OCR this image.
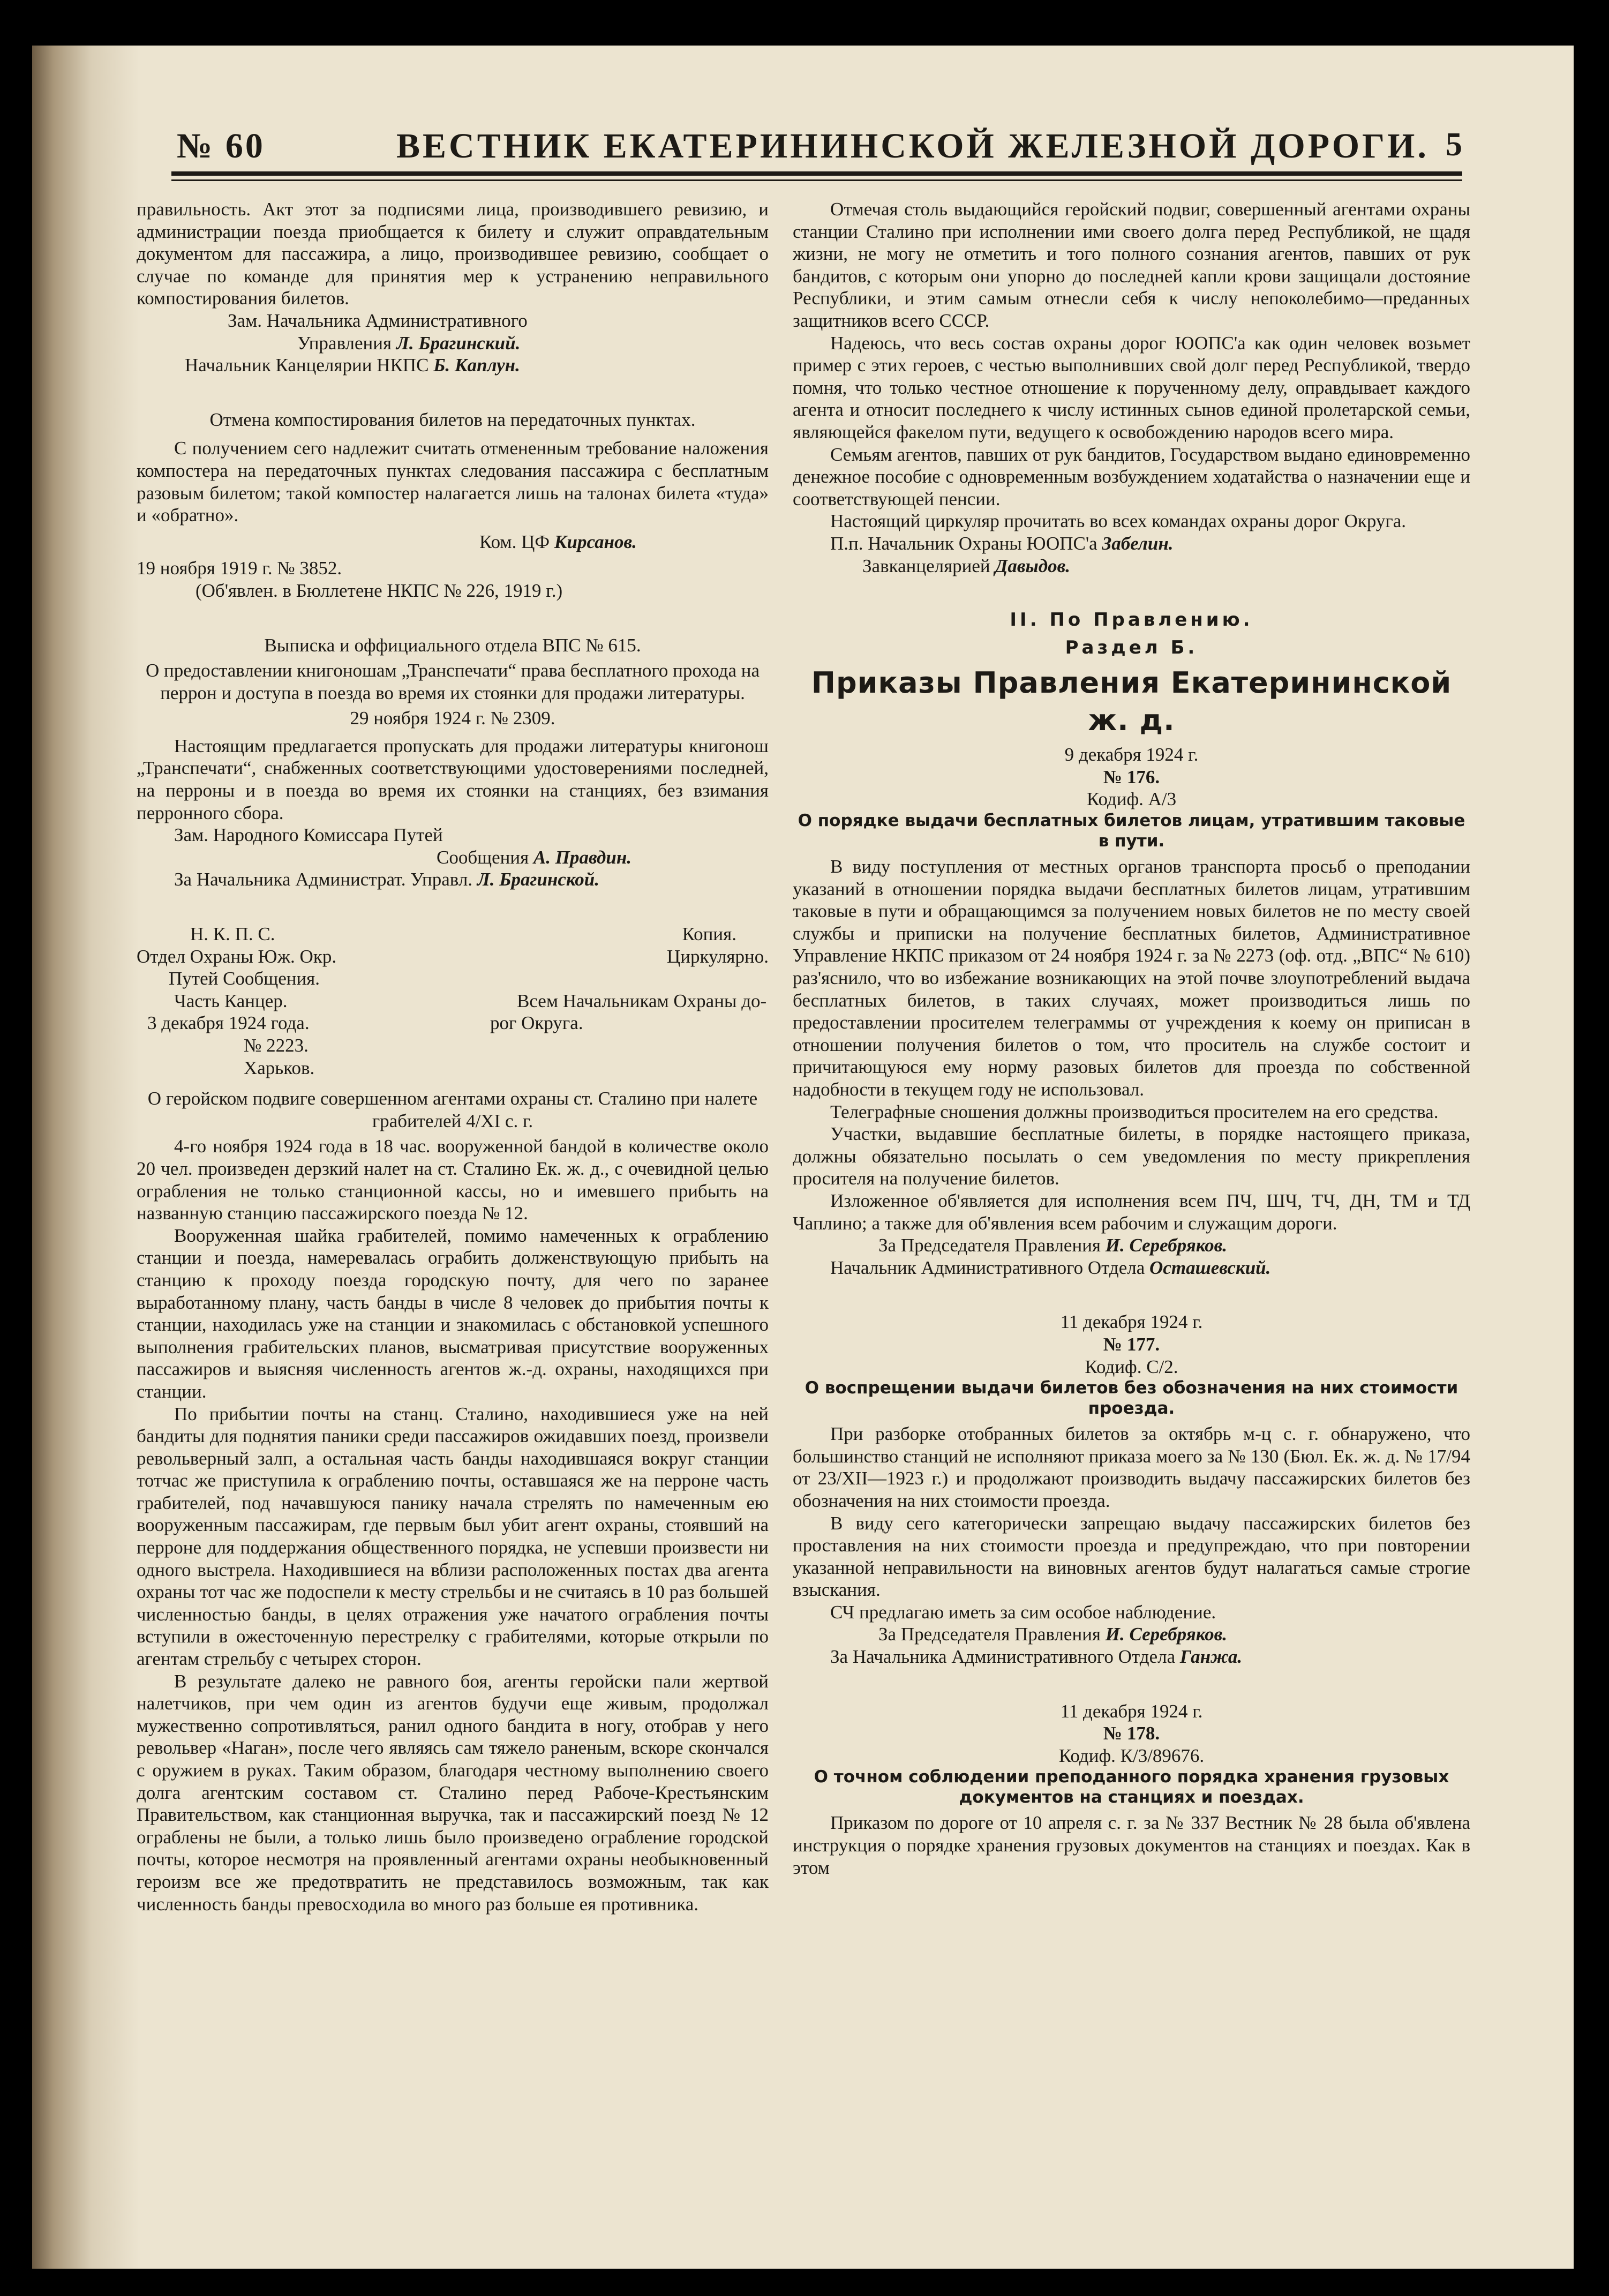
№ 60	ВЕСТНИК ЕКАТЕРИНИНСКОЙ ЖЕЛЕЗНОЙ ДОРОГИ. 5

правильность. Акт этот за подписями лица, производившего ревизию, и администрации поезда приобщается к билету и служит оправдательным документом для пассажира, а лицо, производившее ревизию, сообщает о случае по команде для принятия мер к устранению неправильного компостирования билетов.

Зам. Начальника Административного

Управления Л. Брагинский.

Начальник Канцелярии НКПС Б. Каплун.

Отмена компостирования билетов на передаточных пунктах.

С получением сего надлежит считать отмененным требование наложения компостера на передаточных пунктах следования пассажира с бесплатным разовым билетом; такой компостер налагается лишь на талонах билета «туда» и «обратно».

Ком. ЦФ Кирсанов.

19 ноября 1919 г. № 3852.

(Об'явлен. в Бюллетене НКПС № 226, 1919 г.)

Выписка и оффициального отдела ВПС № 615.

О предоставлении книгоношам „Транспечати“ права бесплатного прохода на перрон и доступа в поезда во время их стоянки для продажи литературы.

29 ноября 1924 г. № 2309.

Настоящим предлагается пропускать для продажи литературы книгонош „Транспечати“, снабженных соответствующими удостоверениями последней, на перроны и в поезда во время их стоянки на станциях, без взимания перронного сбора.

Зам. Народного Комиссара Путей

Сообщения А. Правдин.

За Начальника Администрат. Управл. Л. Брагинской.

Н. К. П. С.	Копия.
Отдел Охраны Юж. Окр.	Циркулярно.

Путей Сообщения.

Часть Канцер.	Всем Начальникам Охраны до-
3 декабря 1924 года.	рог Округа.

№ 2223.

Харьков.

О геройском подвиге совершенном агентами охраны ст. Сталино при налете грабителей 4/XI с. г.

4-го ноября 1924 года в 18 час. вооруженной бандой в количестве около 20 чел. произведен дерзкий налет на ст. Сталино Ек. ж. д., с очевидной целью ограбления не только станционной кассы, но и имевшего прибыть на названную станцию пассажирского поезда № 12.

Вооруженная шайка грабителей, помимо намеченных к ограблению станции и поезда, намеревалась ограбить долженствующую прибыть на станцию к проходу поезда городскую почту, для чего по заранее выработанному плану, часть банды в числе 8 человек до прибытия почты к станции, находилась уже на станции и знакомилась с обстановкой успешного выполнения грабительских планов, высматривая присутствие вооруженных пассажиров и выясняя численность агентов ж.-д. охраны, находящихся при станции.

По прибытии почты на станц. Сталино, находившиеся уже на ней бандиты для поднятия паники среди пассажиров ожидавших поезд, произвели револьверный залп, а остальная часть банды находившаяся вокруг станции тотчас же приступила к ограблению почты, оставшаяся же на перроне часть грабителей, под начавшуюся панику начала стрелять по намеченным ею вооруженным пассажирам, где первым был убит агент охраны, стоявший на перроне для поддержания общественного порядка, не успевши произвести ни одного выстрела. Находившиеся на вблизи расположенных постах два агента охраны тот час же подоспели к месту стрельбы и не считаясь в 10 раз большей численностью банды, в целях отражения уже начатого ограбления почты вступили в ожесточенную перестрелку с грабителями, которые открыли по агентам стрельбу с четырех сторон.

В результате далеко не равного боя, агенты геройски пали жертвой налетчиков, при чем один из агентов будучи еще живым, продолжал мужественно сопротивляться, ранил одного бандита в ногу, отобрав у него револьвер «Наган», после чего являясь сам тяжело раненым, вскоре скончался с оружием в руках. Таким образом, благодаря честному выполнению своего долга агентским составом ст. Сталино перед Рабоче-Крестьянским Правительством, как станционная выручка, так и пассажирский поезд № 12 ограблены не были, а только лишь было произведено ограбление городской почты, которое несмотря на проявленный агентами охраны необыкновенный героизм все же предотвратить не представилось возможным, так как численность банды превосходила во много раз больше ея противника.

Отмечая столь выдающийся геройский подвиг, совершенный агентами охраны станции Сталино при исполнении ими своего долга перед Республикой, не щадя жизни, не могу не отметить и того полного сознания агентов, павших от рук бандитов, с которым они упорно до последней капли крови защищали достояние Республики, и этим самым отнесли себя к числу непоколебимо—преданных защитников всего СССР.

Надеюсь, что весь состав охраны дорог ЮОПС'а как один человек возьмет пример с этих героев, с честью выполнивших свой долг перед Республикой, твердо помня, что только честное отношение к порученному делу, оправдывает каждого агента и относит последнего к числу истинных сынов единой пролетарской семьи, являющейся факелом пути, ведущего к освобождению народов всего мира.

Семьям агентов, павших от рук бандитов, Государством выдано единовременно денежное пособие с одновременным возбуждением ходатайства о назначении еще и соответствующей пенсии.

Настоящий циркуляр прочитать во всех командах охраны дорог Округа.

П.п. Начальник Охраны ЮОПС'а Забелин.

Завканцелярией Давыдов.

II. По Правлению.

Раздел Б.

Приказы Правления Екатерининской ж. д.

9 декабря 1924 г.

№ 176.

Кодиф. А/3

О порядке выдачи бесплатных билетов лицам, утратившим таковые в пути.

В виду поступления от местных органов транспорта просьб о преподании указаний в отношении порядка выдачи бесплатных билетов лицам, утратившим таковые в пути и обращающимся за получением новых билетов не по месту своей службы и приписки на получение бесплатных билетов, Административное Управление НКПС приказом от 24 ноября 1924 г. за № 2273 (оф. отд. „ВПС“ № 610) раз'яснило, что во избежание возникающих на этой почве злоупотреблений выдача бесплатных билетов, в таких случаях, может производиться лишь по предоставлении просителем телеграммы от учреждения к коему он приписан в отношении получения билетов о том, что проситель на службе состоит и причитающуюся ему норму разовых билетов для проезда по собственной надобности в текущем году не использовал.

Телеграфные сношения должны производиться просителем на его средства.

Участки, выдавшие бесплатные билеты, в порядке настоящего приказа, должны обязательно посылать о сем уведомления по месту прикрепления просителя на получение билетов.

Изложенное об'является для исполнения всем ПЧ, ШЧ, ТЧ, ДН, ТМ и ТД Чаплино; а также для об'явления всем рабочим и служащим дороги.

За Председателя Правления И. Серебряков.

Начальник Административного Отдела Осташевский.

11 декабря 1924 г.

№ 177.

Кодиф. С/2.

О воспрещении выдачи билетов без обозначения на них стоимости проезда.

При разборке отобранных билетов за октябрь м-ц с. г. обнаружено, что большинство станций не исполняют приказа моего за № 130 (Бюл. Ек. ж. д. № 17/94 от 23/XII—1923 г.) и продолжают производить выдачу пассажирских билетов без обозначения на них стоимости проезда.

В виду сего категорически запрещаю выдачу пассажирских билетов без проставления на них стоимости проезда и предупреждаю, что при повторении указанной неправильности на виновных агентов будут налагаться самые строгие взыскания.

СЧ предлагаю иметь за сим особое наблюдение.

За Председателя Правления И. Серебряков.

За Начальника Административного Отдела Ганжа.

11 декабря 1924 г.

№ 178.

Кодиф. К/3/89676.

О точном соблюдении преподанного порядка хранения грузовых документов на станциях и поездах.

Приказом по дороге от 10 апреля с. г. за № 337 Вестник № 28 была об'явлена инструкция о порядке хранения грузовых документов на станциях и поездах. Как в этом
